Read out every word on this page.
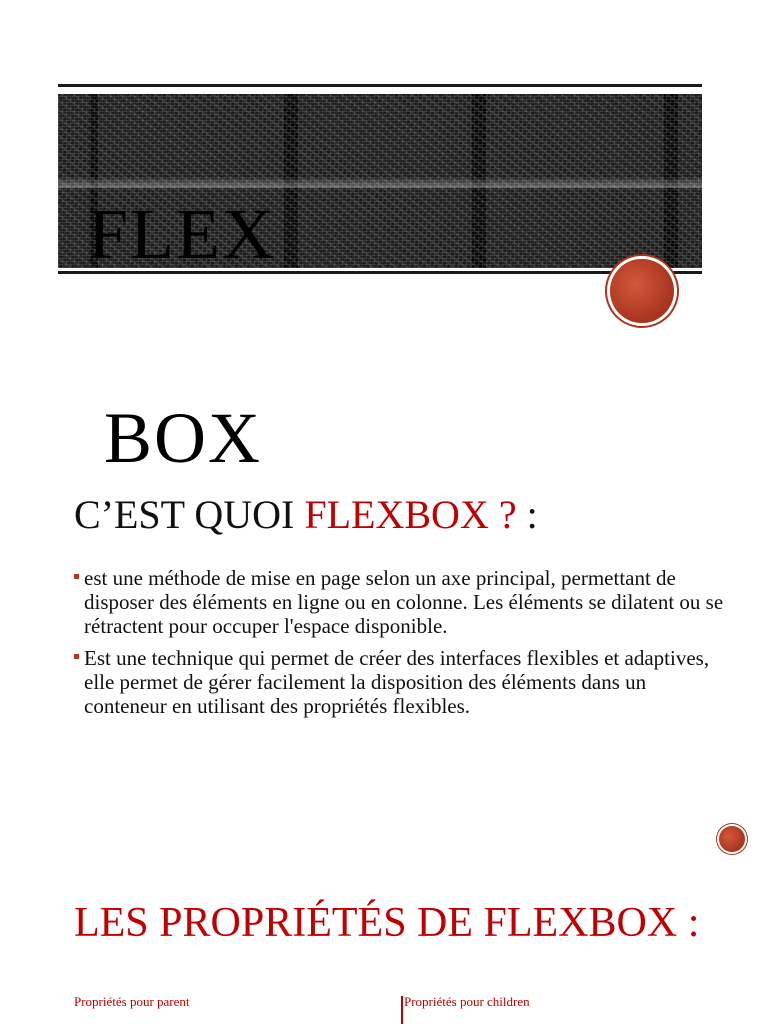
FLEX

BOX

C’EST QUOI FLEXBOX ? :
est une méthode de mise en page selon un axe principal, permettant de disposer des éléments en ligne ou en colonne. Les éléments se dilatent ou se rétractent pour occuper l'espace disponible.
Est une technique qui permet de créer des interfaces flexibles et adaptives, elle permet de gérer facilement la disposition des éléments dans un conteneur en utilisant des propriétés flexibles.
LES PROPRIÉTÉS DE FLEXBOX :
Propriétés pour parent	Propriétés pour children
